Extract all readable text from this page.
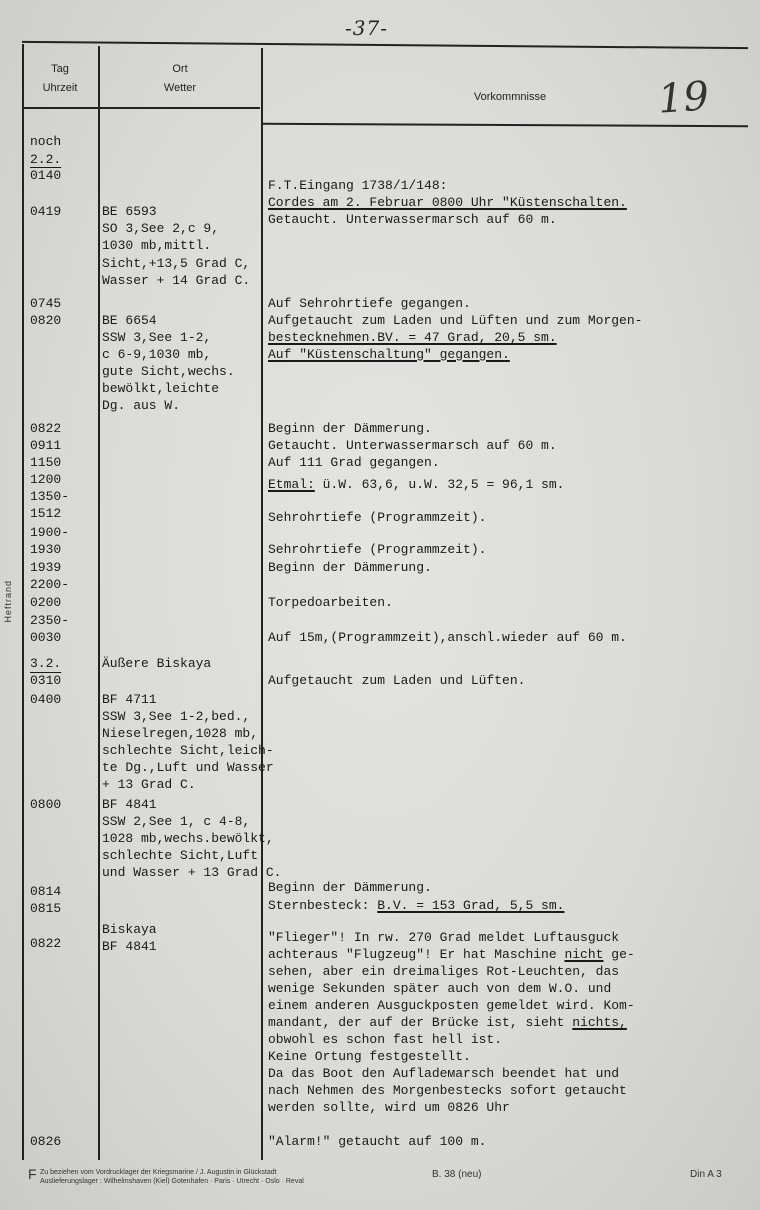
-37-
19
Heftrand
Tag
Uhrzeit
Ort
Wetter
Vorkommnisse
noch
2.2.
0140
0419
0745
0820
0822
0911
1150
1200
1350-
1512
1900-
1930
1939
2200-
0200
2350-
0030
3.2.
0310
0400
0800
0814
0815
0822
0826
BE 6593
SO 3,See 2,c 9,
1030 mb,mittl.
Sicht,+13,5 Grad C,
Wasser + 14 Grad C.
BE 6654
SSW 3,See 1-2,
c 6-9,1030 mb,
gute Sicht,wechs.
bewölkt,leichte
Dg. aus W.
Äußere Biskaya
BF 4711
SSW 3,See 1-2,bed.,
Nieselregen,1028 mb,
schlechte Sicht,leich-
te Dg.,Luft und Wasser
+ 13 Grad C.
BF 4841
SSW 2,See 1, c 4-8,
1028 mb,wechs.bewölkt,
schlechte Sicht,Luft
und Wasser + 13 Grad C.
Biskaya
BF 4841
F.T.Eingang 1738/1/148:
Cordes am 2. Februar 0800 Uhr "Küstenschalten.
Getaucht. Unterwassermarsch auf 60 m.
Auf Sehrohrtiefe gegangen.
Aufgetaucht zum Laden und Lüften und zum Morgen-
bestecknehmen.BV. = 47 Grad, 20,5 sm.
Auf "Küstenschaltung" gegangen.
Beginn der Dämmerung.
Getaucht. Unterwassermarsch auf 60 m.
Auf 111 Grad gegangen.
Etmal: ü.W. 63,6, u.W. 32,5 = 96,1 sm.
Sehrohrtiefe (Programmzeit).
Sehrohrtiefe (Programmzeit).
Beginn der Dämmerung.
Torpedoarbeiten.
Auf 15m,(Programmzeit),anschl.wieder auf 60 m.
Aufgetaucht zum Laden und Lüften.
Beginn der Dämmerung.
Sternbesteck: B.V. = 153 Grad, 5,5 sm.
"Flieger"! In rw. 270 Grad meldet Luftausguck
achteraus "Flugzeug"! Er hat Maschine nicht ge-
sehen, aber ein dreimaliges Rot-Leuchten, das
wenige Sekunden später auch von dem W.O. und
einem anderen Ausguckposten gemeldet wird. Kom-
mandant, der auf der Brücke ist, sieht nichts,
obwohl es schon fast hell ist.
Keine Ortung festgestellt.
Da das Boot den Aufladeмarsch beendet hat und
nach Nehmen des Morgenbestecks sofort getaucht
werden sollte, wird um 0826 Uhr
"Alarm!" getaucht auf 100 m.
F Zu beziehen vom Vordrucklager der Kriegsmarine / J. Augustin in Glückstadt
Auslieferungslager : Wilhelmshaven (Kiel) Gotenhafen · Paris · Utrecht · Oslo · Reval
B. 38 (neu)	Din A 3
